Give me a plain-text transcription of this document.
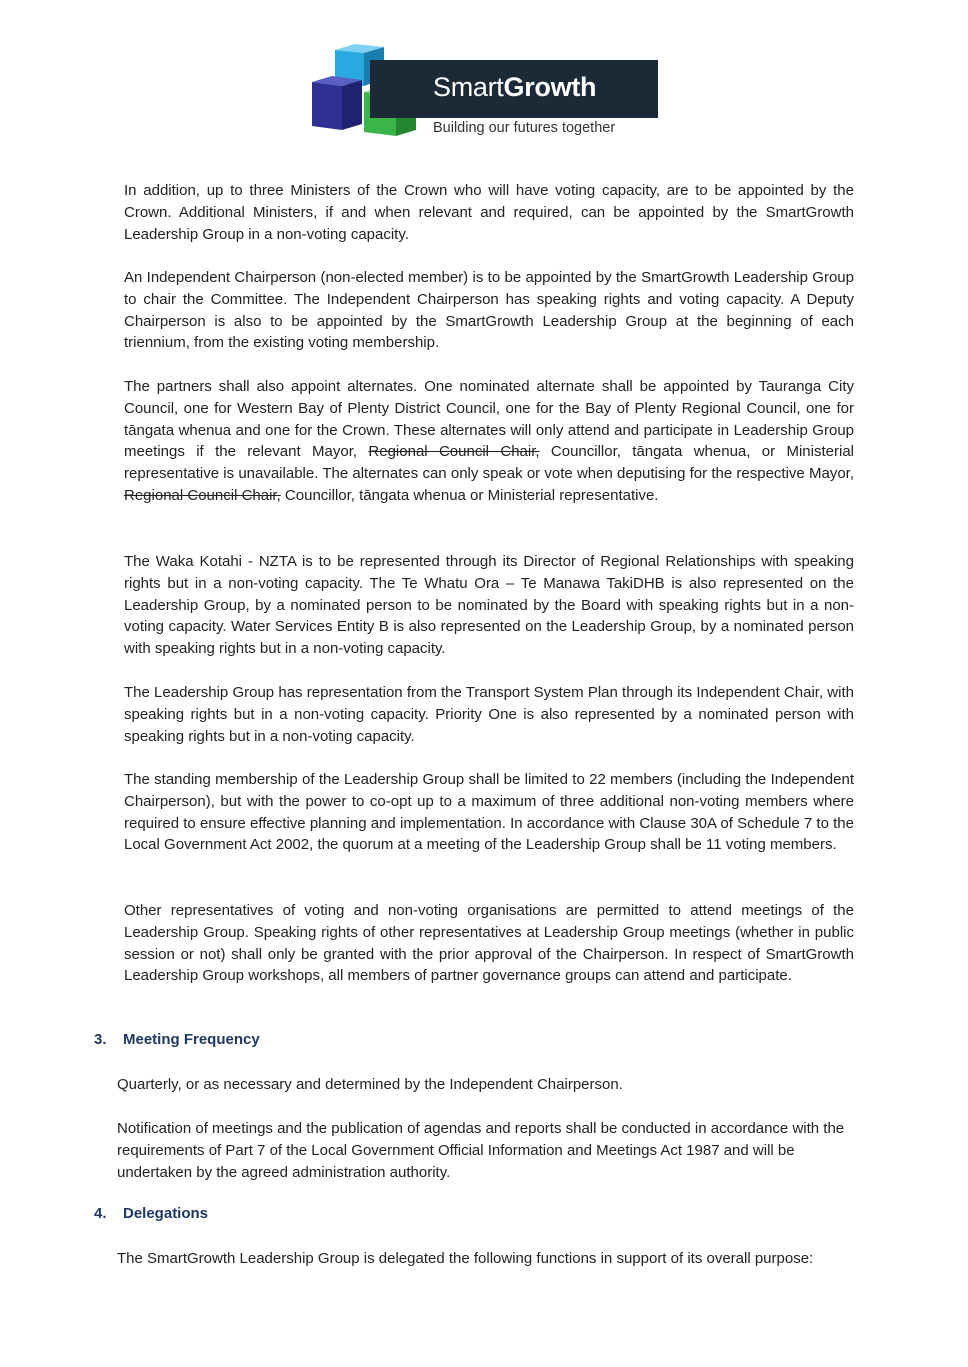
SmartGrowth
Building our futures together

In addition, up to three Ministers of the Crown who will have voting capacity, are to be appointed by the Crown. Additional Ministers, if and when relevant and required, can be appointed by the SmartGrowth Leadership Group in a non-voting capacity.

An Independent Chairperson (non-elected member) is to be appointed by the SmartGrowth Leadership Group to chair the Committee. The Independent Chairperson has speaking rights and voting capacity. A Deputy Chairperson is also to be appointed by the SmartGrowth Leadership Group at the beginning of each triennium, from the existing voting membership.

The partners shall also appoint alternates. One nominated alternate shall be appointed by Tauranga City Council, one for Western Bay of Plenty District Council, one for the Bay of Plenty Regional Council, one for tāngata whenua and one for the Crown. These alternates will only attend and participate in Leadership Group meetings if the relevant Mayor, Regional Council Chair, Councillor, tāngata whenua, or Ministerial representative is unavailable. The alternates can only speak or vote when deputising for the respective Mayor, Regional Council Chair, Councillor, tāngata whenua or Ministerial representative.

The Waka Kotahi - NZTA is to be represented through its Director of Regional Relationships with speaking rights but in a non-voting capacity. The Te Whatu Ora – Te Manawa TakiDHB is also represented on the Leadership Group, by a nominated person to be nominated by the Board with speaking rights but in a non-voting capacity. Water Services Entity B is also represented on the Leadership Group, by a nominated person with speaking rights but in a non-voting capacity.

The Leadership Group has representation from the Transport System Plan through its Independent Chair, with speaking rights but in a non-voting capacity. Priority One is also represented by a nominated person with speaking rights but in a non-voting capacity.

The standing membership of the Leadership Group shall be limited to 22 members (including the Independent Chairperson), but with the power to co-opt up to a maximum of three additional non-voting members where required to ensure effective planning and implementation. In accordance with Clause 30A of Schedule 7 to the Local Government Act 2002, the quorum at a meeting of the Leadership Group shall be 11 voting members.

Other representatives of voting and non-voting organisations are permitted to attend meetings of the Leadership Group. Speaking rights of other representatives at Leadership Group meetings (whether in public session or not) shall only be granted with the prior approval of the Chairperson. In respect of SmartGrowth Leadership Group workshops, all members of partner governance groups can attend and participate.

3. Meeting Frequency

Quarterly, or as necessary and determined by the Independent Chairperson.

Notification of meetings and the publication of agendas and reports shall be conducted in accordance with the requirements of Part 7 of the Local Government Official Information and Meetings Act 1987 and will be undertaken by the agreed administration authority.

4. Delegations

The SmartGrowth Leadership Group is delegated the following functions in support of its overall purpose:
